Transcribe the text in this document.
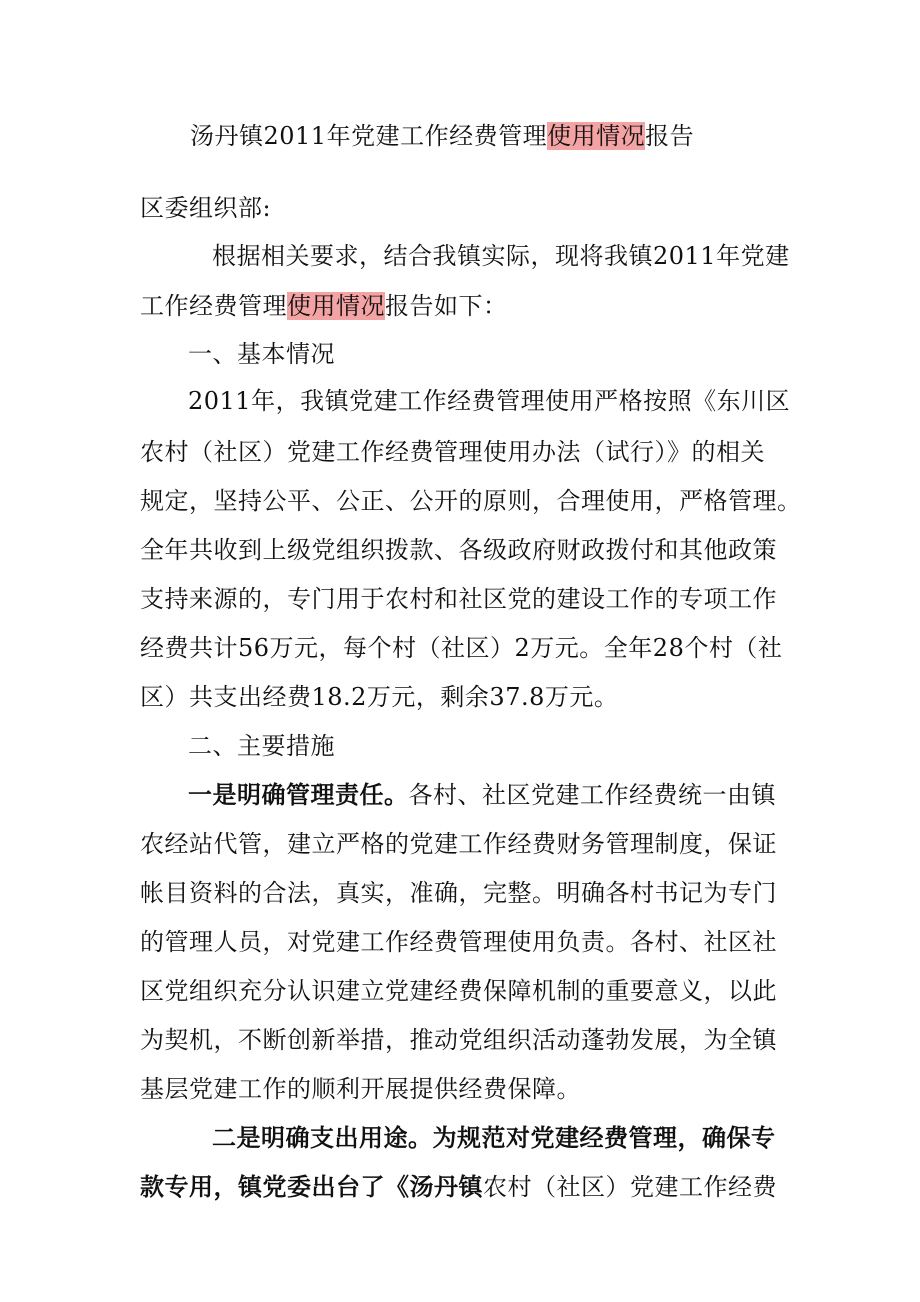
汤丹镇2011年党建工作经费管理使用情况报告
区委组织部:
根据相关要求，结合我镇实际，现将我镇2011年党建
工作经费管理使用情况报告如下：
一、基本情况
2011年，我镇党建工作经费管理使用严格按照《东川区
农村（社区）党建工作经费管理使用办法（试行）》的相关
规定，坚持公平、公正、公开的原则，合理使用，严格管理。
全年共收到上级党组织拨款、各级政府财政拨付和其他政策
支持来源的，专门用于农村和社区党的建设工作的专项工作
经费共计56万元，每个村（社区）2万元。全年28个村（社
区）共支出经费18.2万元，剩余37.8万元。
二、主要措施
一是明确管理责任。各村、社区党建工作经费统一由镇
农经站代管，建立严格的党建工作经费财务管理制度，保证
帐目资料的合法，真实，准确，完整。明确各村书记为专门
的管理人员，对党建工作经费管理使用负责。各村、社区社
区党组织充分认识建立党建经费保障机制的重要意义，以此
为契机，不断创新举措，推动党组织活动蓬勃发展，为全镇
基层党建工作的顺利开展提供经费保障。
二是明确支出用途。为规范对党建经费管理，确保专
款专用，镇党委出台了《汤丹镇农村（社区）党建工作经费
